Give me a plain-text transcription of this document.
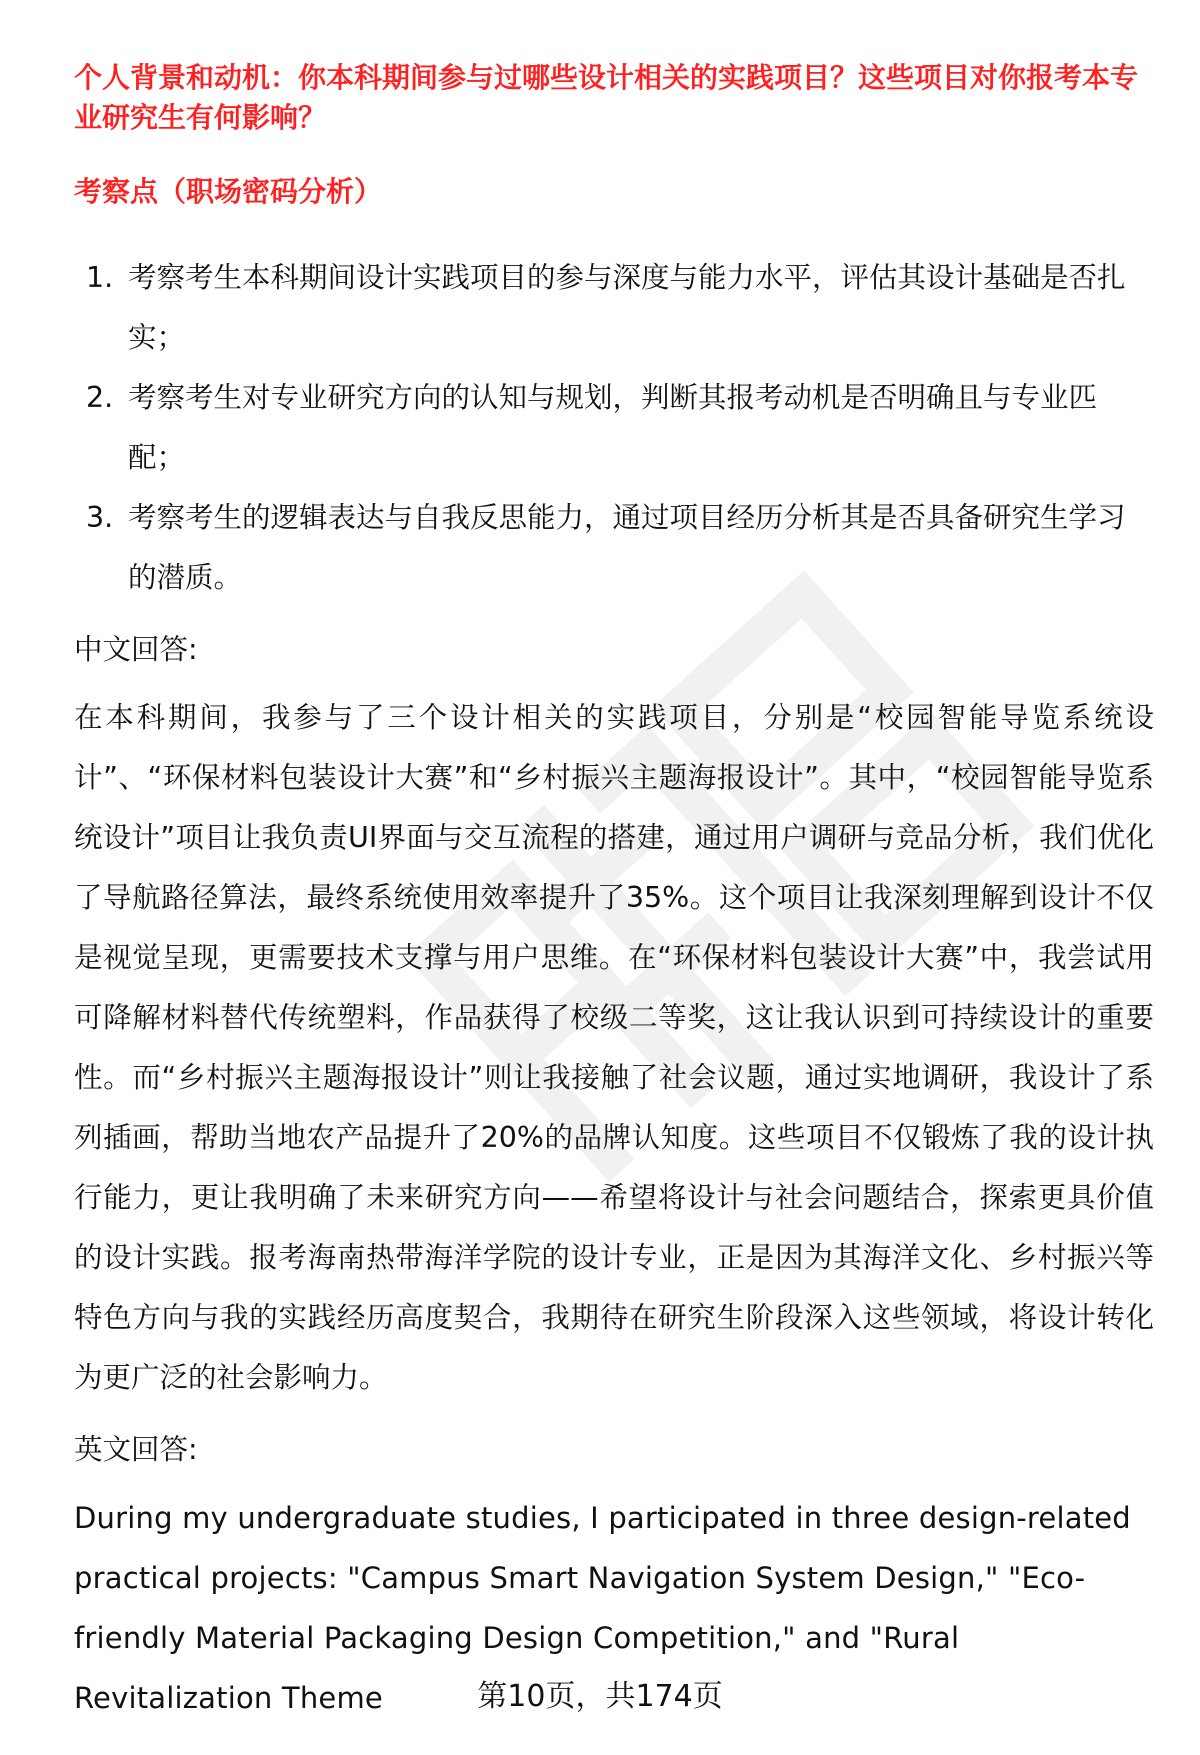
个人背景和动机：你本科期间参与过哪些设计相关的实践项目？这些项目对你报考本专业研究生有何影响？
考察点（职场密码分析）
1. 考察考生本科期间设计实践项目的参与深度与能力水平，评估其设计基础是否扎实；
2. 考察考生对专业研究方向的认知与规划，判断其报考动机是否明确且与专业匹配；
3. 考察考生的逻辑表达与自我反思能力，通过项目经历分析其是否具备研究生学习的潜质。
中文回答:
在本科期间，我参与了三个设计相关的实践项目，分别是“校园智能导览系统设计”、“环保材料包装设计大赛”和“乡村振兴主题海报设计”。其中，“校园智能导览系统设计”项目让我负责UI界面与交互流程的搭建，通过用户调研与竞品分析，我们优化了导航路径算法，最终系统使用效率提升了35%。这个项目让我深刻理解到设计不仅是视觉呈现，更需要技术支撑与用户思维。在“环保材料包装设计大赛”中，我尝试用可降解材料替代传统塑料，作品获得了校级二等奖，这让我认识到可持续设计的重要性。而“乡村振兴主题海报设计”则让我接触了社会议题，通过实地调研，我设计了系列插画，帮助当地农产品提升了20%的品牌认知度。这些项目不仅锻炼了我的设计执行能力，更让我明确了未来研究方向——希望将设计与社会问题结合，探索更具价值的设计实践。报考海南热带海洋学院的设计专业，正是因为其海洋文化、乡村振兴等特色方向与我的实践经历高度契合，我期待在研究生阶段深入这些领域，将设计转化为更广泛的社会影响力。
英文回答:
During my undergraduate studies, I participated in three design-related practical projects: "Campus Smart Navigation System Design," "Eco-friendly Material Packaging Design Competition," and "Rural Revitalization Theme	第10页，共174页
